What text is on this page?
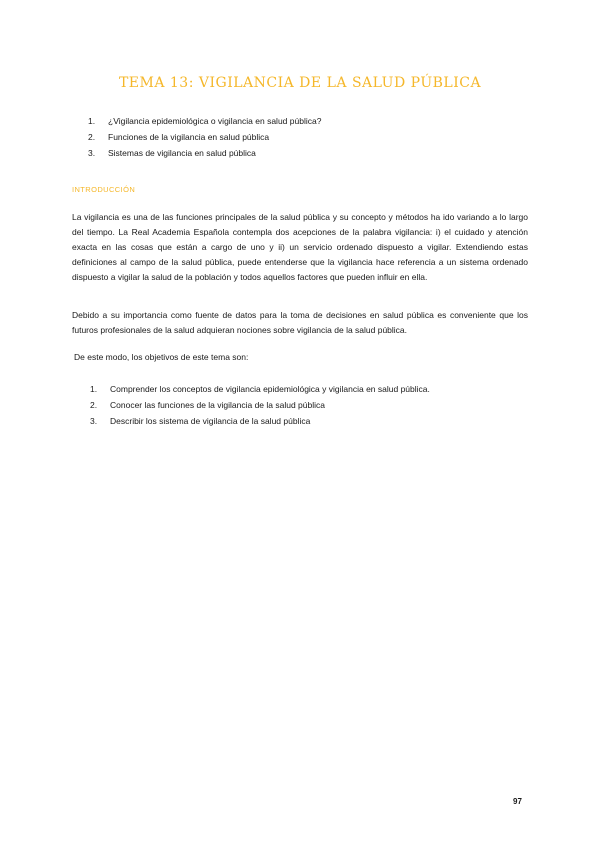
TEMA 13: VIGILANCIA DE LA SALUD PÚBLICA
1.	¿Vigilancia epidemiológica o vigilancia en salud pública?
2.	Funciones de la vigilancia en salud pública
3.	Sistemas de vigilancia en salud pública
INTRODUCCIÓN

La vigilancia es una de las funciones principales de la salud pública y su concepto y métodos ha ido variando a lo largo del tiempo. La Real Academia Española contempla dos acepciones de la palabra vigilancia: i) el cuidado y atención exacta en las cosas que están a cargo de uno y ii) un servicio ordenado dispuesto a vigilar. Extendiendo estas definiciones al campo de la salud pública, puede entenderse que la vigilancia hace referencia a un sistema ordenado dispuesto a vigilar la salud de la población y todos aquellos factores que pueden influir en ella.

Debido a su importancia como fuente de datos para la toma de decisiones en salud pública es conveniente que los futuros profesionales de la salud adquieran nociones sobre vigilancia de la salud pública.

De este modo, los objetivos de este tema son:

1.	Comprender los conceptos de vigilancia epidemiológica y vigilancia en salud pública.
2.	Conocer las funciones de la vigilancia de la salud pública
3.	Describir los sistema de vigilancia de la salud pública
97
